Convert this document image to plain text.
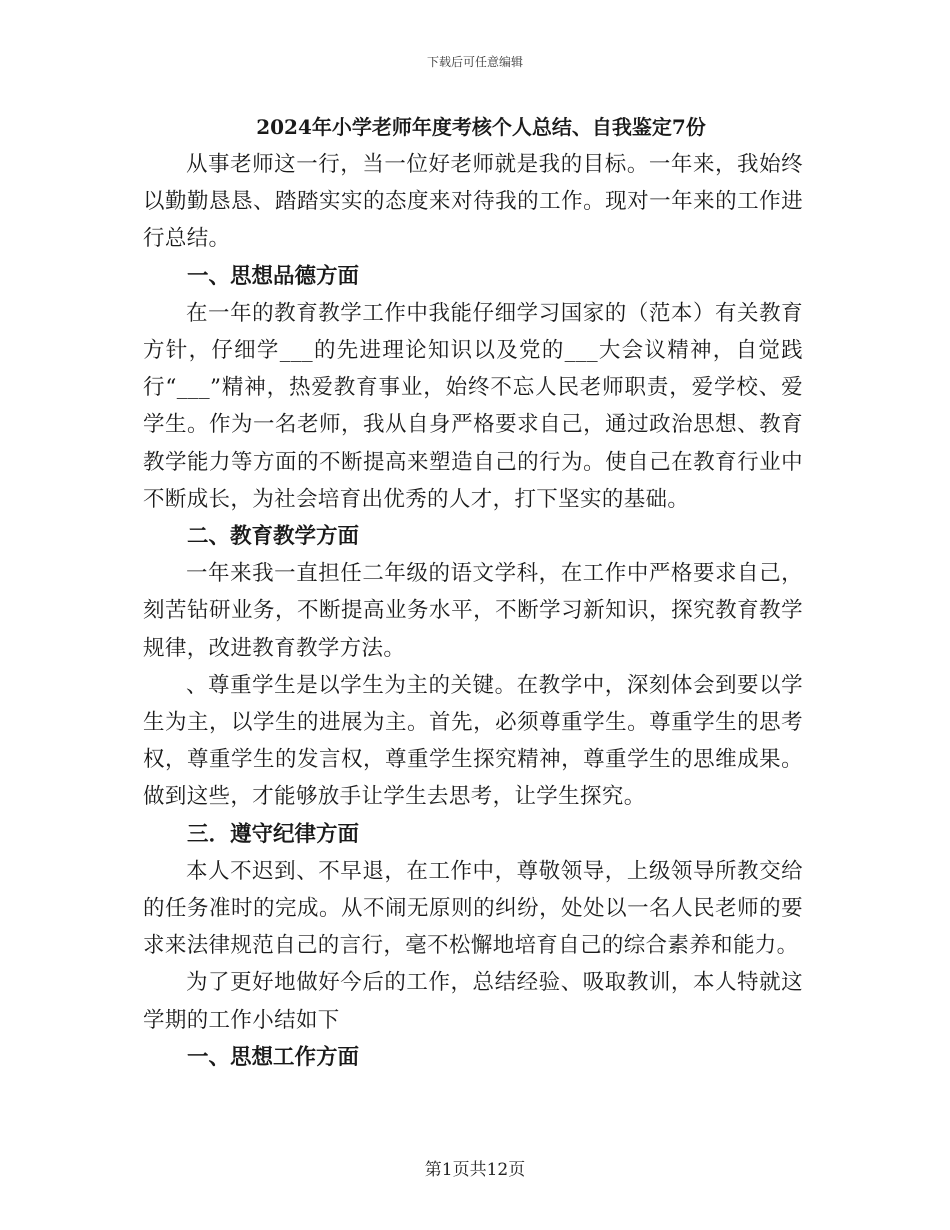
下载后可任意编辑
2024年小学老师年度考核个人总结、自我鉴定7份

从事老师这一行，当一位好老师就是我的目标。一年来，我始终以勤勤恳恳、踏踏实实的态度来对待我的工作。现对一年来的工作进行总结。

一、思想品德方面

在一年的教育教学工作中我能仔细学习国家的（范本）有关教育方针，仔细学___的先进理论知识以及党的___大会议精神，自觉践行“___”精神，热爱教育事业，始终不忘人民老师职责，爱学校、爱学生。作为一名老师，我从自身严格要求自己，通过政治思想、教育教学能力等方面的不断提高来塑造自己的行为。使自己在教育行业中不断成长，为社会培育出优秀的人才，打下坚实的基础。

二、教育教学方面

一年来我一直担任二年级的语文学科，在工作中严格要求自己，刻苦钻研业务，不断提高业务水平，不断学习新知识，探究教育教学规律，改进教育教学方法。

、尊重学生是以学生为主的关键。在教学中，深刻体会到要以学生为主，以学生的进展为主。首先，必须尊重学生。尊重学生的思考权，尊重学生的发言权，尊重学生探究精神，尊重学生的思维成果。做到这些，才能够放手让学生去思考，让学生探究。

三．遵守纪律方面

本人不迟到、不早退，在工作中，尊敬领导，上级领导所教交给的任务准时的完成。从不闹无原则的纠纷，处处以一名人民老师的要求来法律规范自己的言行，毫不松懈地培育自己的综合素养和能力。

为了更好地做好今后的工作，总结经验、吸取教训，本人特就这学期的工作小结如下

一、思想工作方面

第1页共12页
